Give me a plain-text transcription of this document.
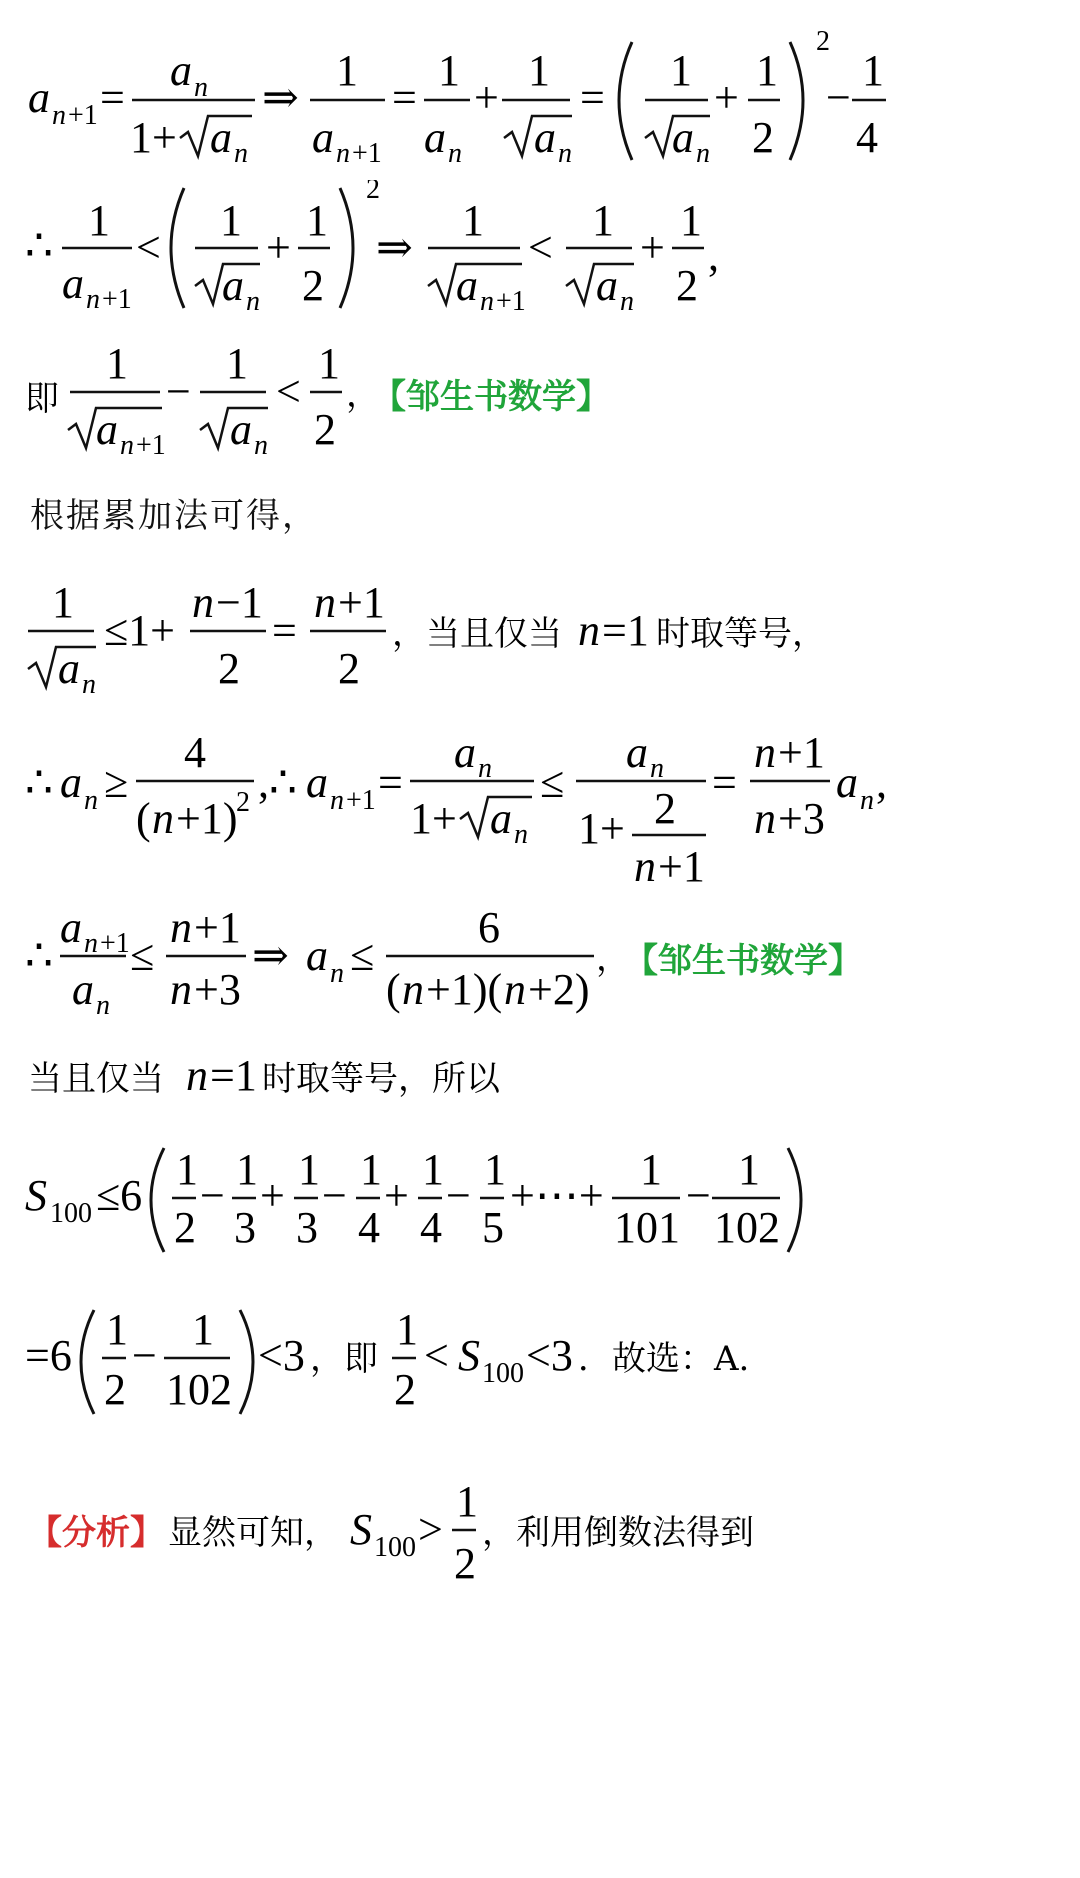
a n +1 =
a n
1+ a n
⇒
1
a n +1
=
1
a n
+
1
a n
=
1
a n
+
1
2
2
−
1
4
∴
1
a n +1
<
1
a n
+
1
2
2
⇒
1
a n +1
<
1
a n
+
1
2
,
即
1
a n +1
−
1
a n
<
1
2
，
【邹生书数学】
根据累加法可得，
1
a n
≤1+
n −1
2
=
n +1
2
，当且仅当 n =1 时取等号，
∴ a n ≥
4
( n +1)
2 ,∴ a n +1 =
a n
1+ a n
≤
a n
1+ 2
n +1
=
n +1
n +3
a n ,
∴
a n +1
a n
≤
n +1
n +3
⇒ a n ≤
6
( n +1)( n +2)
，
【邹生书数学】
当且仅当 n =1 时取等号，所以
S 100 ≤6
1
2
−
1
3
+
1
3
−
1
4
+
1
4
−
1
5
+⋯+
1
101
−
1
102
=6
1
2
−
1
102
<3 ，即
1
2
< S 100 <3 ．故选：A.
【分析】 显然可知， S 100 >
1
2
，利用倒数法得到
